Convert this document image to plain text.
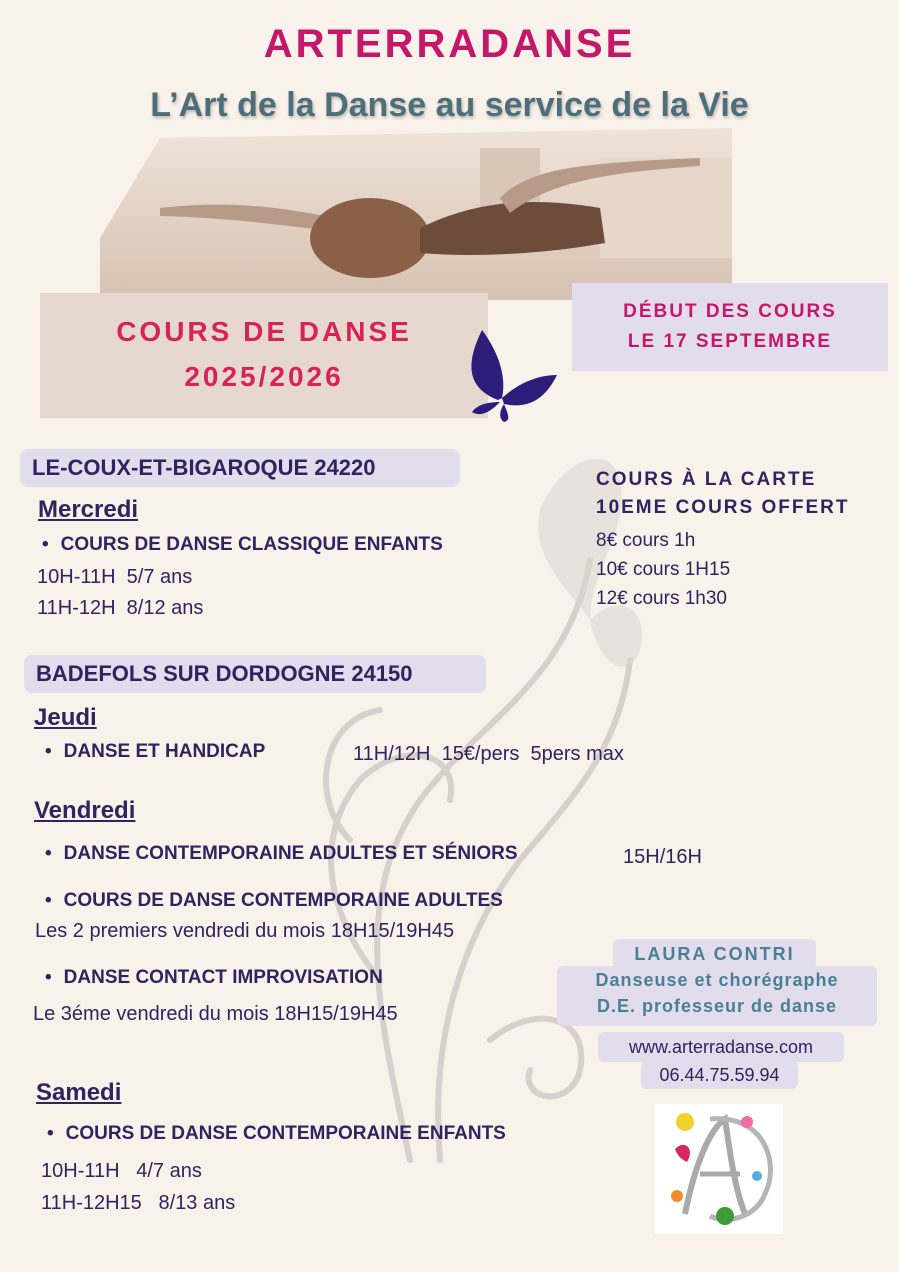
ARTERRADANSE
L’Art de la Danse au service de la Vie
COURS DE DANSE
2025/2026
DÉBUT DES COURS
LE 17 SEPTEMBRE
COURS À LA CARTE
10EME COURS OFFERT
8€ cours 1h
10€ cours 1H15
12€ cours 1h30
LE-COUX-ET-BIGAROQUE 24220
Mercredi
• COURS DE DANSE CLASSIQUE ENFANTS
10H-11H  5/7 ans
11H-12H  8/12 ans
BADEFOLS SUR DORDOGNE 24150
Jeudi
• DANSE ET HANDICAP	11H/12H  15€/pers  5pers max
Vendredi
• DANSE CONTEMPORAINE ADULTES ET SÉNIORS	15H/16H
• COURS DE DANSE CONTEMPORAINE ADULTES
Les 2 premiers vendredi du mois 18H15/19H45
• DANSE CONTACT IMPROVISATION
Le 3éme vendredi du mois 18H15/19H45
Samedi
• COURS DE DANSE CONTEMPORAINE ENFANTS
10H-11H   4/7 ans
11H-12H15   8/13 ans
LAURA CONTRI
Danseuse et chorégraphe
D.E. professeur de danse
www.arterradanse.com
06.44.75.59.94
